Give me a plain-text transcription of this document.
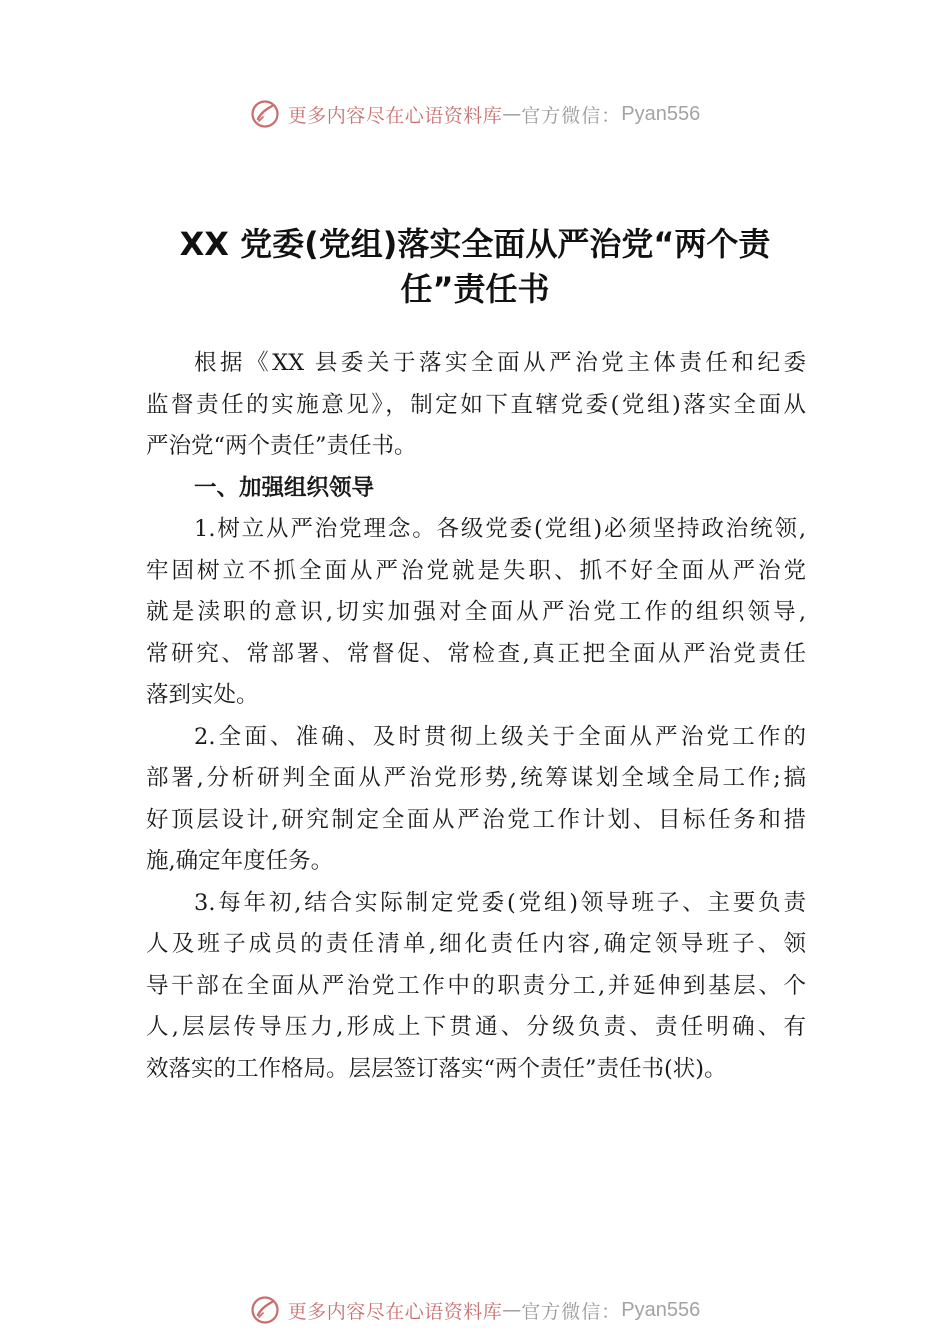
更多内容尽在心语资料库 — 官方微信： Pyan556
XX 党委(党组)落实全面从严治党“两个责
任”责任书
根据《XX 县委关于落实全面从严治党主体责任和纪委
监督责任的实施意见》，制定如下直辖党委(党组)落实全面从
严治党“两个责任”责任书。
一、加强组织领导
1.树立从严治党理念。各级党委(党组)必须坚持政治统领,
牢固树立不抓全面从严治党就是失职、抓不好全面从严治党
就是渎职的意识,切实加强对全面从严治党工作的组织领导,
常研究、常部署、常督促、常检查,真正把全面从严治党责任
落到实处。
2.全面、准确、及时贯彻上级关于全面从严治党工作的
部署,分析研判全面从严治党形势,统筹谋划全域全局工作;搞
好顶层设计,研究制定全面从严治党工作计划、目标任务和措
施,确定年度任务。
3.每年初,结合实际制定党委(党组)领导班子、主要负责
人及班子成员的责任清单,细化责任内容,确定领导班子、领
导干部在全面从严治党工作中的职责分工,并延伸到基层、个
人,层层传导压力,形成上下贯通、分级负责、责任明确、有
效落实的工作格局。层层签订落实“两个责任”责任书(状)。
更多内容尽在心语资料库 — 官方微信： Pyan556
